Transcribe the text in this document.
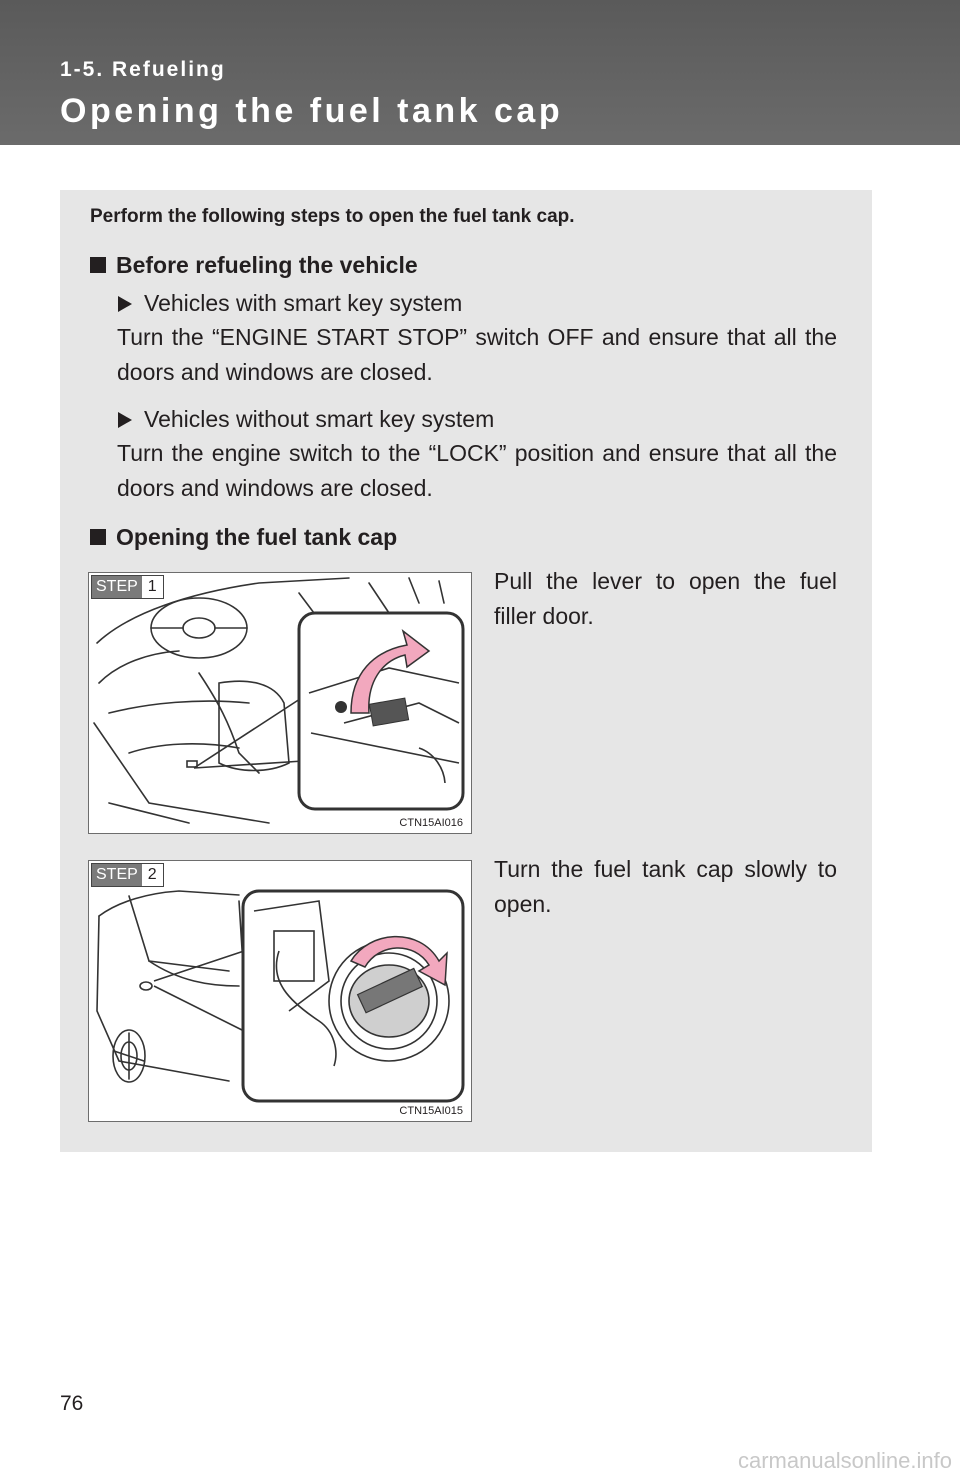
1-5. Refueling
Opening the fuel tank cap

Perform the following steps to open the fuel tank cap.

Before refueling the vehicle

Vehicles with smart key system

Turn the “ENGINE START STOP” switch OFF and ensure that all the doors and windows are closed.

Vehicles without smart key system

Turn the engine switch to the “LOCK” position and ensure that all the doors and windows are closed.

Opening the fuel tank cap

STEP 1
CTN15AI016

Pull the lever to open the fuel filler door.

STEP 2
CTN15AI015

Turn the fuel tank cap slowly to open.

76
carmanualsonline.info
